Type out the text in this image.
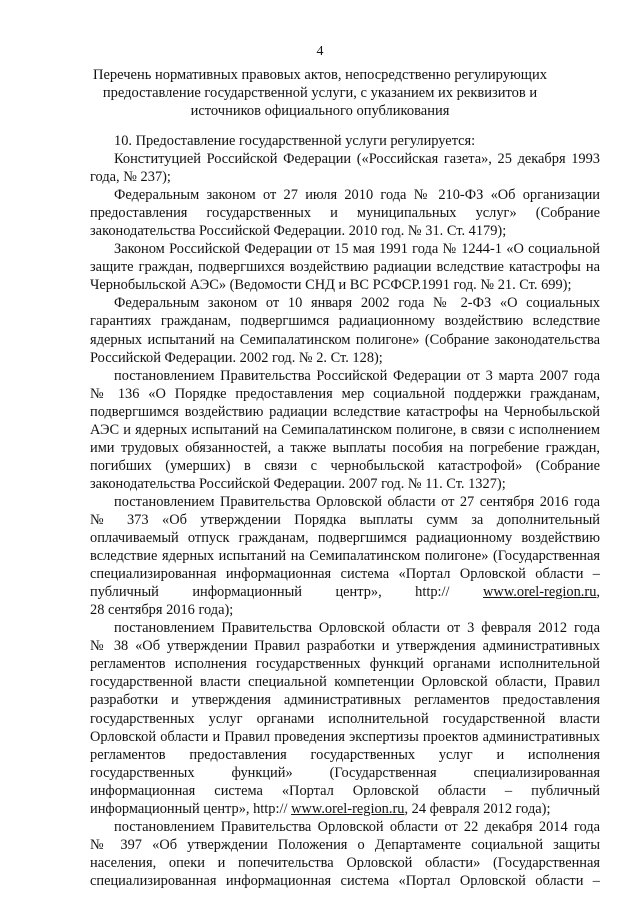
4
Перечень нормативных правовых актов, непосредственно регулирующих
предоставление государственной услуги, с указанием их реквизитов и
источников официального опубликования
10. Предоставление государственной услуги регулируется:
Конституцией Российской Федерации («Российская газета», 25 декабря 1993
года, № 237);
Федеральным законом от 27 июля 2010 года № 210-ФЗ «Об организации
предоставления государственных и муниципальных услуг» (Собрание
законодательства Российской Федерации. 2010 год. № 31. Ст. 4179);
Законом Российской Федерации от 15 мая 1991 года № 1244-1 «О социальной
защите граждан, подвергшихся воздействию радиации вследствие катастрофы на
Чернобыльской АЭС» (Ведомости СНД и ВС РСФСР.1991 год. № 21. Ст. 699);
Федеральным законом от 10 января 2002 года № 2-ФЗ «О социальных
гарантиях гражданам, подвергшимся радиационному воздействию вследствие
ядерных испытаний на Семипалатинском полигоне» (Собрание законодательства
Российской Федерации. 2002 год. № 2. Ст. 128);
постановлением Правительства Российской Федерации от 3 марта 2007 года
№ 136 «О Порядке предоставления мер социальной поддержки гражданам,
подвергшимся воздействию радиации вследствие катастрофы на Чернобыльской
АЭС и ядерных испытаний на Семипалатинском полигоне, в связи с исполнением
ими трудовых обязанностей, а также выплаты пособия на погребение граждан,
погибших (умерших) в связи с чернобыльской катастрофой» (Собрание
законодательства Российской Федерации. 2007 год. № 11. Ст. 1327);
постановлением Правительства Орловской области от 27 сентября 2016 года
№ 373 «Об утверждении Порядка выплаты сумм за дополнительный
оплачиваемый отпуск гражданам, подвергшимся радиационному воздействию
вследствие ядерных испытаний на Семипалатинском полигоне» (Государственная
специализированная информационная система «Портал Орловской области –
публичный информационный центр», http:// www.orel-region.ru,
28 сентября 2016 года);
постановлением Правительства Орловской области от 3 февраля 2012 года
№ 38 «Об утверждении Правил разработки и утверждения административных
регламентов исполнения государственных функций органами исполнительной
государственной власти специальной компетенции Орловской области, Правил
разработки и утверждения административных регламентов предоставления
государственных услуг органами исполнительной государственной власти
Орловской области и Правил проведения экспертизы проектов административных
регламентов предоставления государственных услуг и исполнения
государственных функций» (Государственная специализированная
информационная система «Портал Орловской области – публичный
информационный центр», http:// www.orel-region.ru, 24 февраля 2012 года);
постановлением Правительства Орловской области от 22 декабря 2014 года
№ 397 «Об утверждении Положения о Департаменте социальной защиты
населения, опеки и попечительства Орловской области» (Государственная
специализированная информационная система «Портал Орловской области –
